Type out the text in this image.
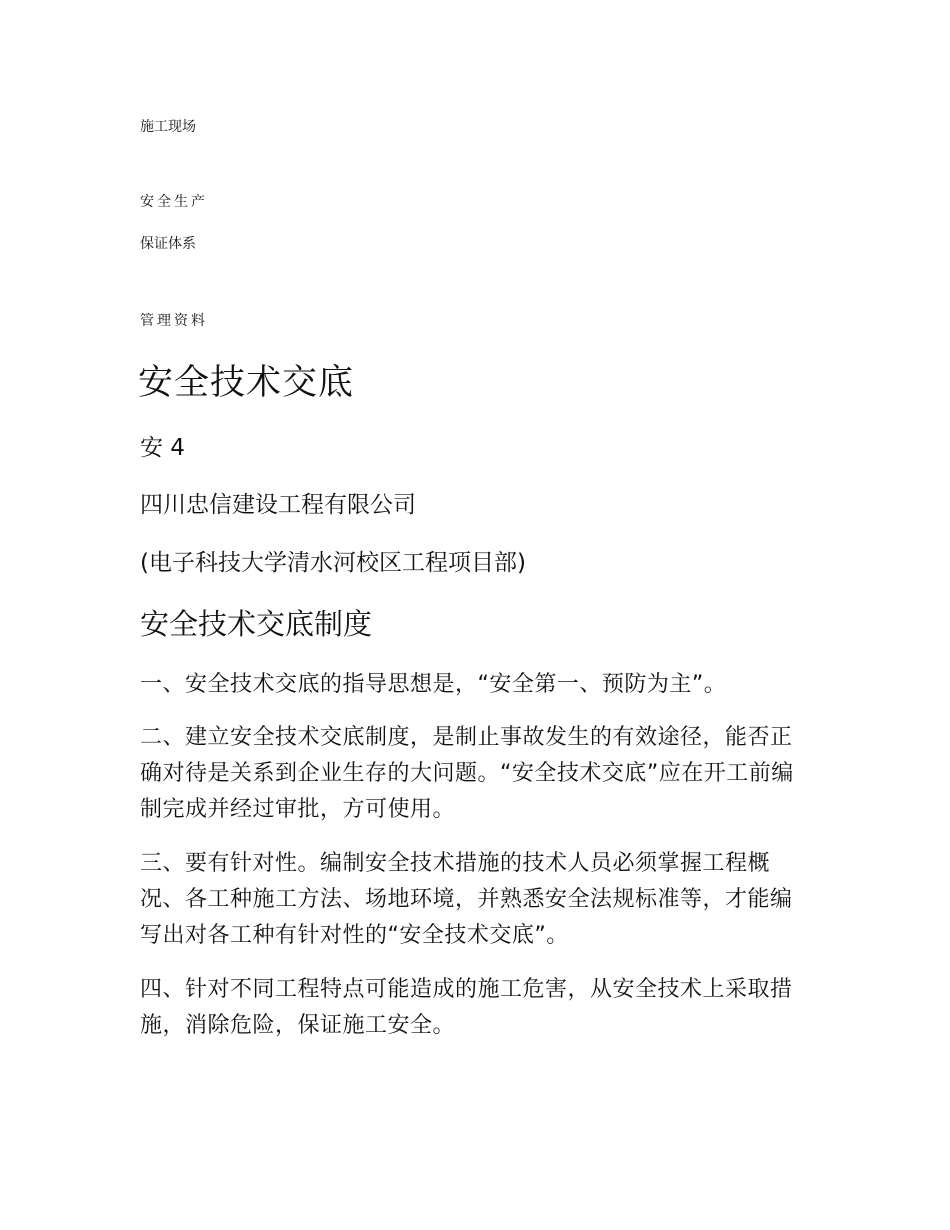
施工现场
安全生产
保证体系
管理资料
安全技术交底
安 4
四川忠信建设工程有限公司
(电子科技大学清水河校区工程项目部)
安全技术交底制度
一、安全技术交底的指导思想是，“安全第一、预防为主”。
二、建立安全技术交底制度，是制止事故发生的有效途径，能否正确对待是关系到企业生存的大问题。“安全技术交底”应在开工前编制完成并经过审批，方可使用。
三、要有针对性。编制安全技术措施的技术人员必须掌握工程概况、各工种施工方法、场地环境，并熟悉安全法规标准等，才能编写出对各工种有针对性的“安全技术交底”。
四、针对不同工程特点可能造成的施工危害，从安全技术上采取措施，消除危险，保证施工安全。
